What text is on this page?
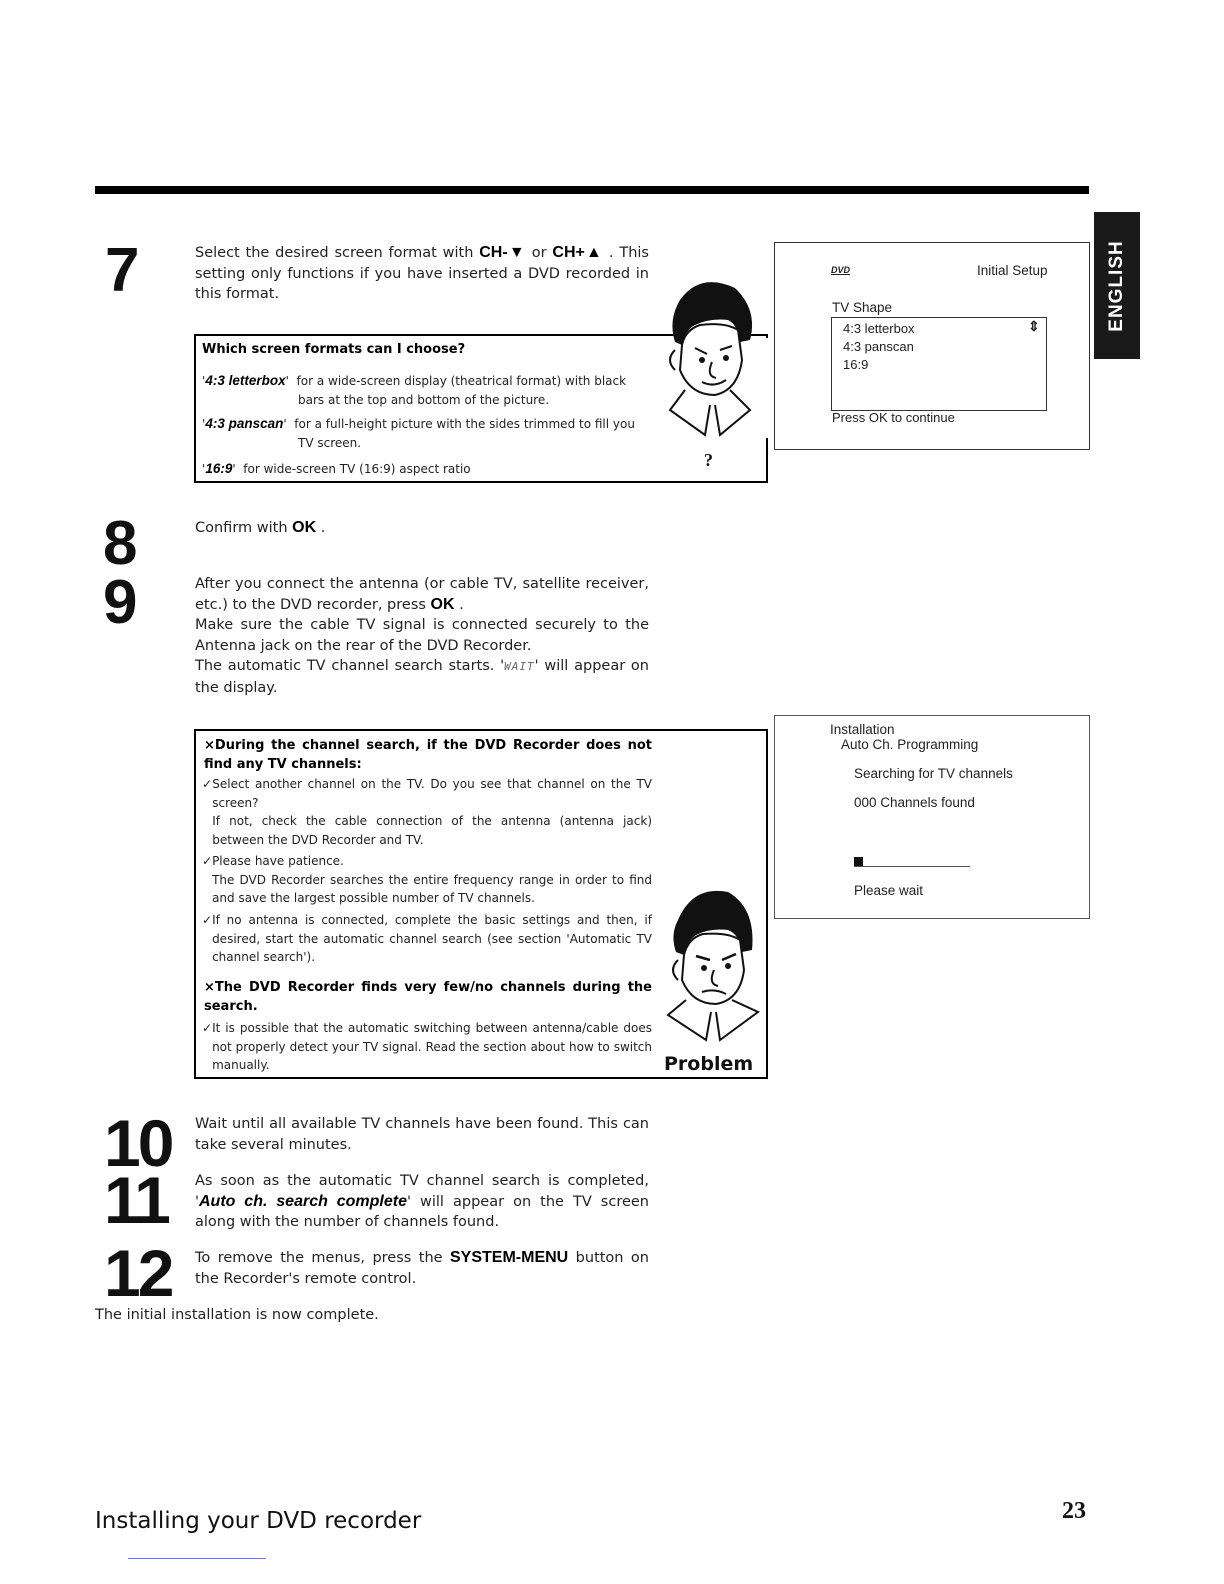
ENGLISH
7	Select the desired screen format with CH-▼ or CH+▲ . This setting only functions if you have inserted a DVD recorded in this format.
Which screen formats can I choose?
'4:3 letterbox'  for a wide-screen display (theatrical format) with black
bars at the top and bottom of the picture.
'4:3 panscan'  for a full-height picture with the sides trimmed to fill you
TV screen.
'16:9'  for wide-screen TV (16:9) aspect ratio	?
DVD	Initial Setup
TV Shape
4:3 letterbox
4:3 panscan
16:9
⇕
Press OK to continue
8
9
Confirm with OK .
After you connect the antenna (or cable TV, satellite receiver, etc.) to the DVD recorder, press OK .
Make sure the cable TV signal is connected securely to the Antenna jack on the rear of the DVD Recorder.
The automatic TV channel search starts. 'WAIT' will appear on the display.
×During the channel search, if the DVD Recorder does not find any TV channels:
✓ Select another channel on the TV. Do you see that channel on the TV screen?
If not, check the cable connection of the antenna (antenna jack) between the DVD Recorder and TV.
✓ Please have patience.
The DVD Recorder searches the entire frequency range in order to find and save the largest possible number of TV channels.
✓ If no antenna is connected, complete the basic settings and then, if desired, start the automatic channel search (see section 'Automatic TV channel search').
×The DVD Recorder finds very few/no channels during the search.
✓ It is possible that the automatic switching between antenna/cable does not properly detect your TV signal. Read the section about how to switch manually.	Problem
Installation
Auto Ch. Programming
Searching for TV channels
000 Channels found
Please wait
10
11
12
Wait until all available TV channels have been found. This can take several minutes.
As soon as the automatic TV channel search is completed, 'Auto ch. search complete' will appear on the TV screen along with the number of channels found.
To remove the menus, press the SYSTEM-MENU button on the Recorder's remote control.
The initial installation is now complete.
Installing your DVD recorder	23
